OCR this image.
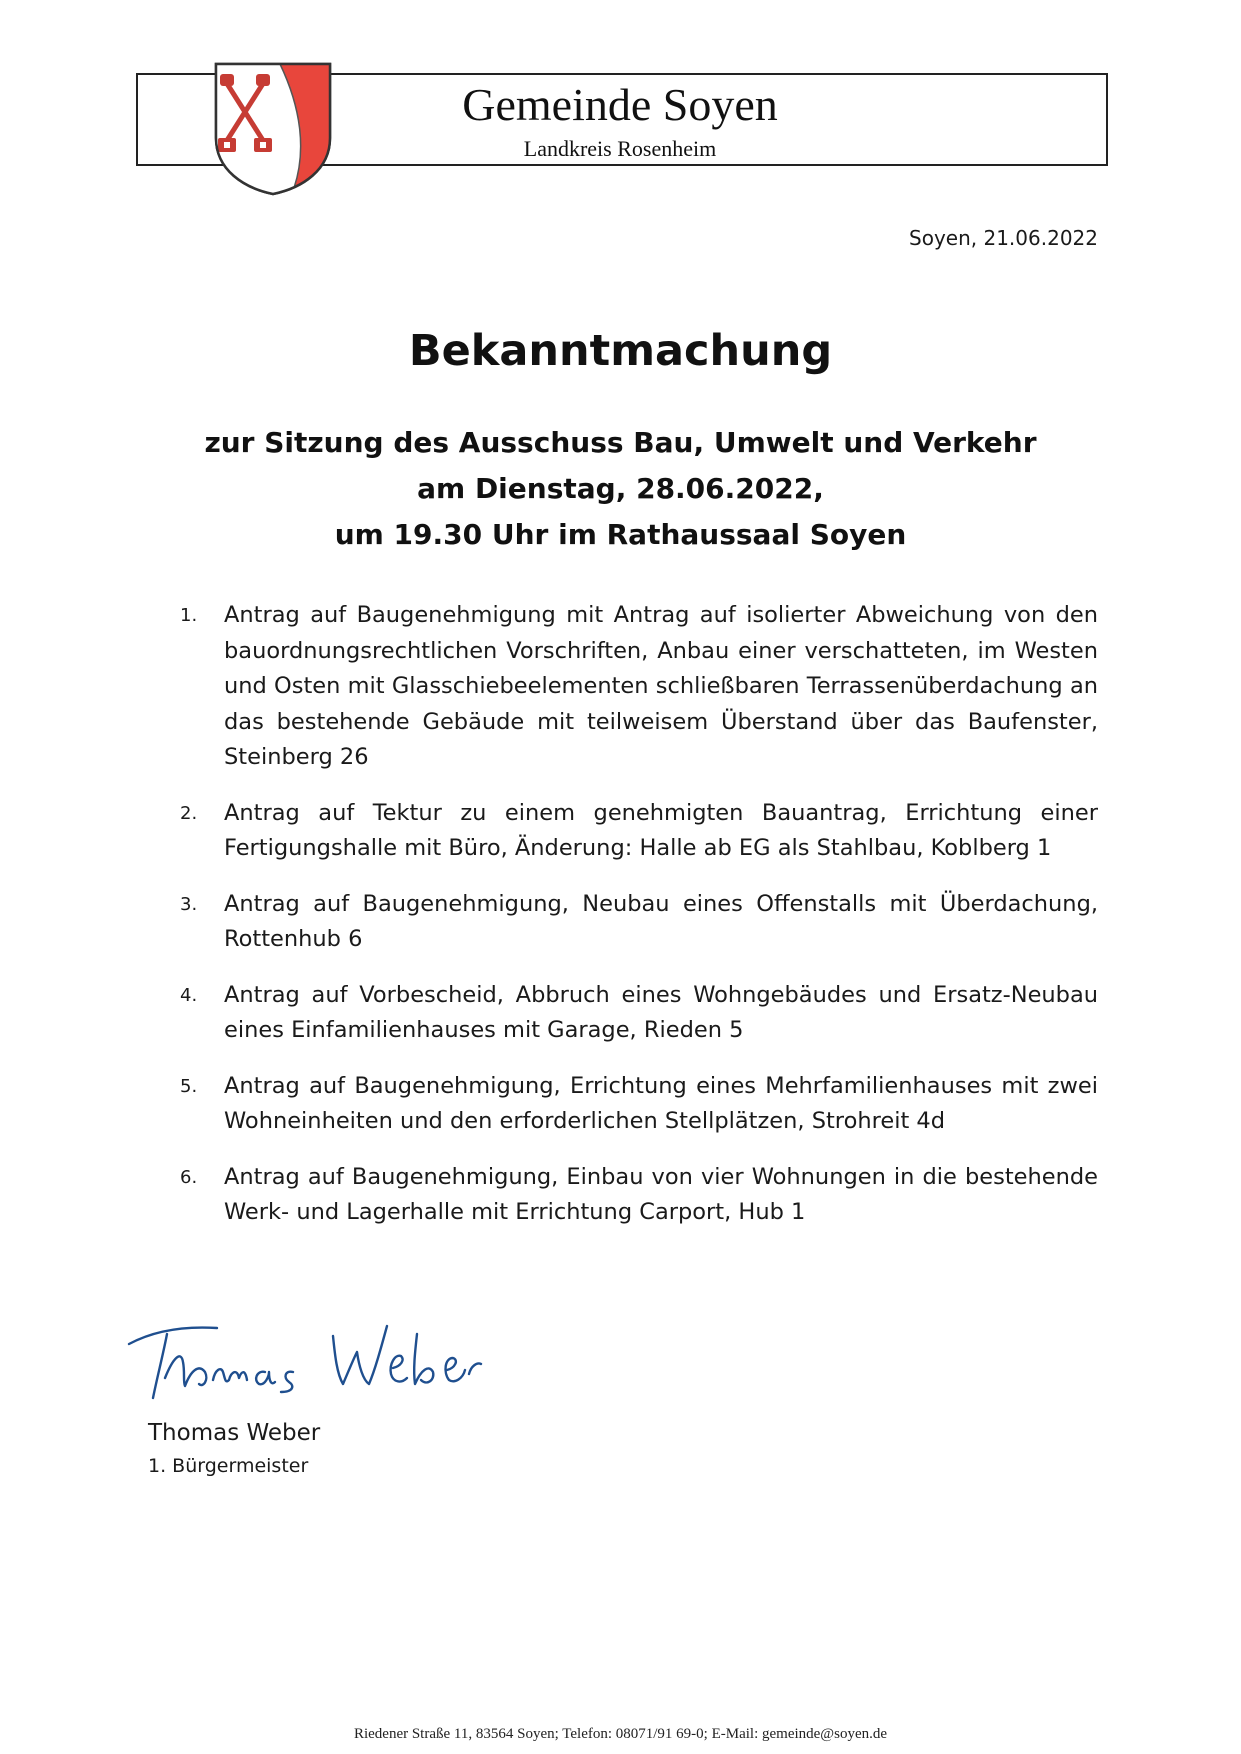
Gemeinde Soyen
Landkreis Rosenheim
Soyen, 21.06.2022
Bekanntmachung
zur Sitzung des Ausschuss Bau, Umwelt und Verkehr
am Dienstag, 28.06.2022,
um 19.30 Uhr im Rathaussaal Soyen
1.	Antrag auf Baugenehmigung mit Antrag auf isolierter Abweichung von den bauordnungsrechtlichen Vorschriften, Anbau einer verschatteten, im Westen und Osten mit Glasschiebeelementen schließbaren Terrassenüberdachung an das bestehende Gebäude mit teilweisem Überstand über das Baufenster, Steinberg 26
2.	Antrag auf Tektur zu einem genehmigten Bauantrag, Errichtung einer Fertigungshalle mit Büro, Änderung: Halle ab EG als Stahlbau, Koblberg 1
3.	Antrag auf Baugenehmigung, Neubau eines Offenstalls mit Überdachung, Rottenhub 6
4.	Antrag auf Vorbescheid, Abbruch eines Wohngebäudes und Ersatz-Neubau eines Einfamilienhauses mit Garage, Rieden 5
5.	Antrag auf Baugenehmigung, Errichtung eines Mehrfamilienhauses mit zwei Wohneinheiten und den erforderlichen Stellplätzen, Strohreit 4d
6.	Antrag auf Baugenehmigung, Einbau von vier Wohnungen in die bestehende Werk- und Lagerhalle mit Errichtung Carport, Hub 1
Thomas Weber
1. Bürgermeister
Riedener Straße 11, 83564 Soyen; Telefon: 08071/91 69-0; E-Mail: gemeinde@soyen.de
